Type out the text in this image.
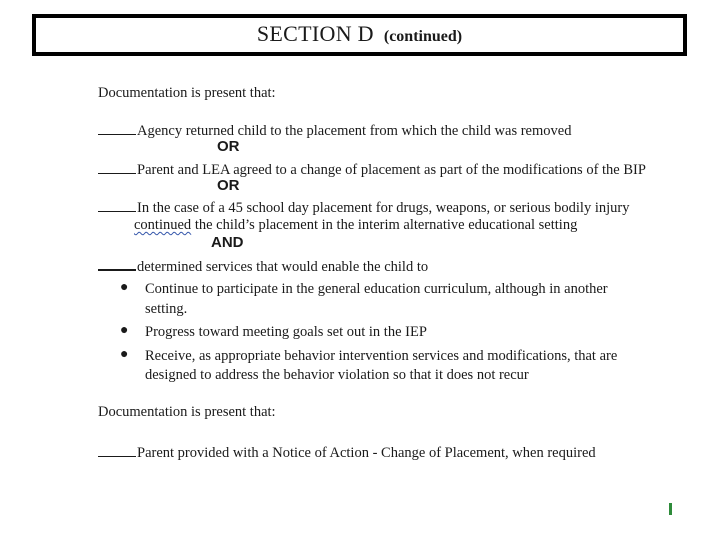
SECTION D (continued)
Documentation is present that:
Agency returned child to the placement from which the child was removed
OR
Parent and LEA agreed to a change of placement as part of the modifications of the BIP
OR
In the case of a 45 school day placement for drugs, weapons, or serious bodily injury
continued the child’s placement in the interim alternative educational setting
AND
determined services that would enable the child to
● Continue to participate in the general education curriculum, although in another
setting.
● Progress toward meeting goals set out in the IEP
● Receive, as appropriate behavior intervention services and modifications, that are
designed to address the behavior violation so that it does not recur
Documentation is present that:
Parent provided with a Notice of Action - Change of Placement, when required
